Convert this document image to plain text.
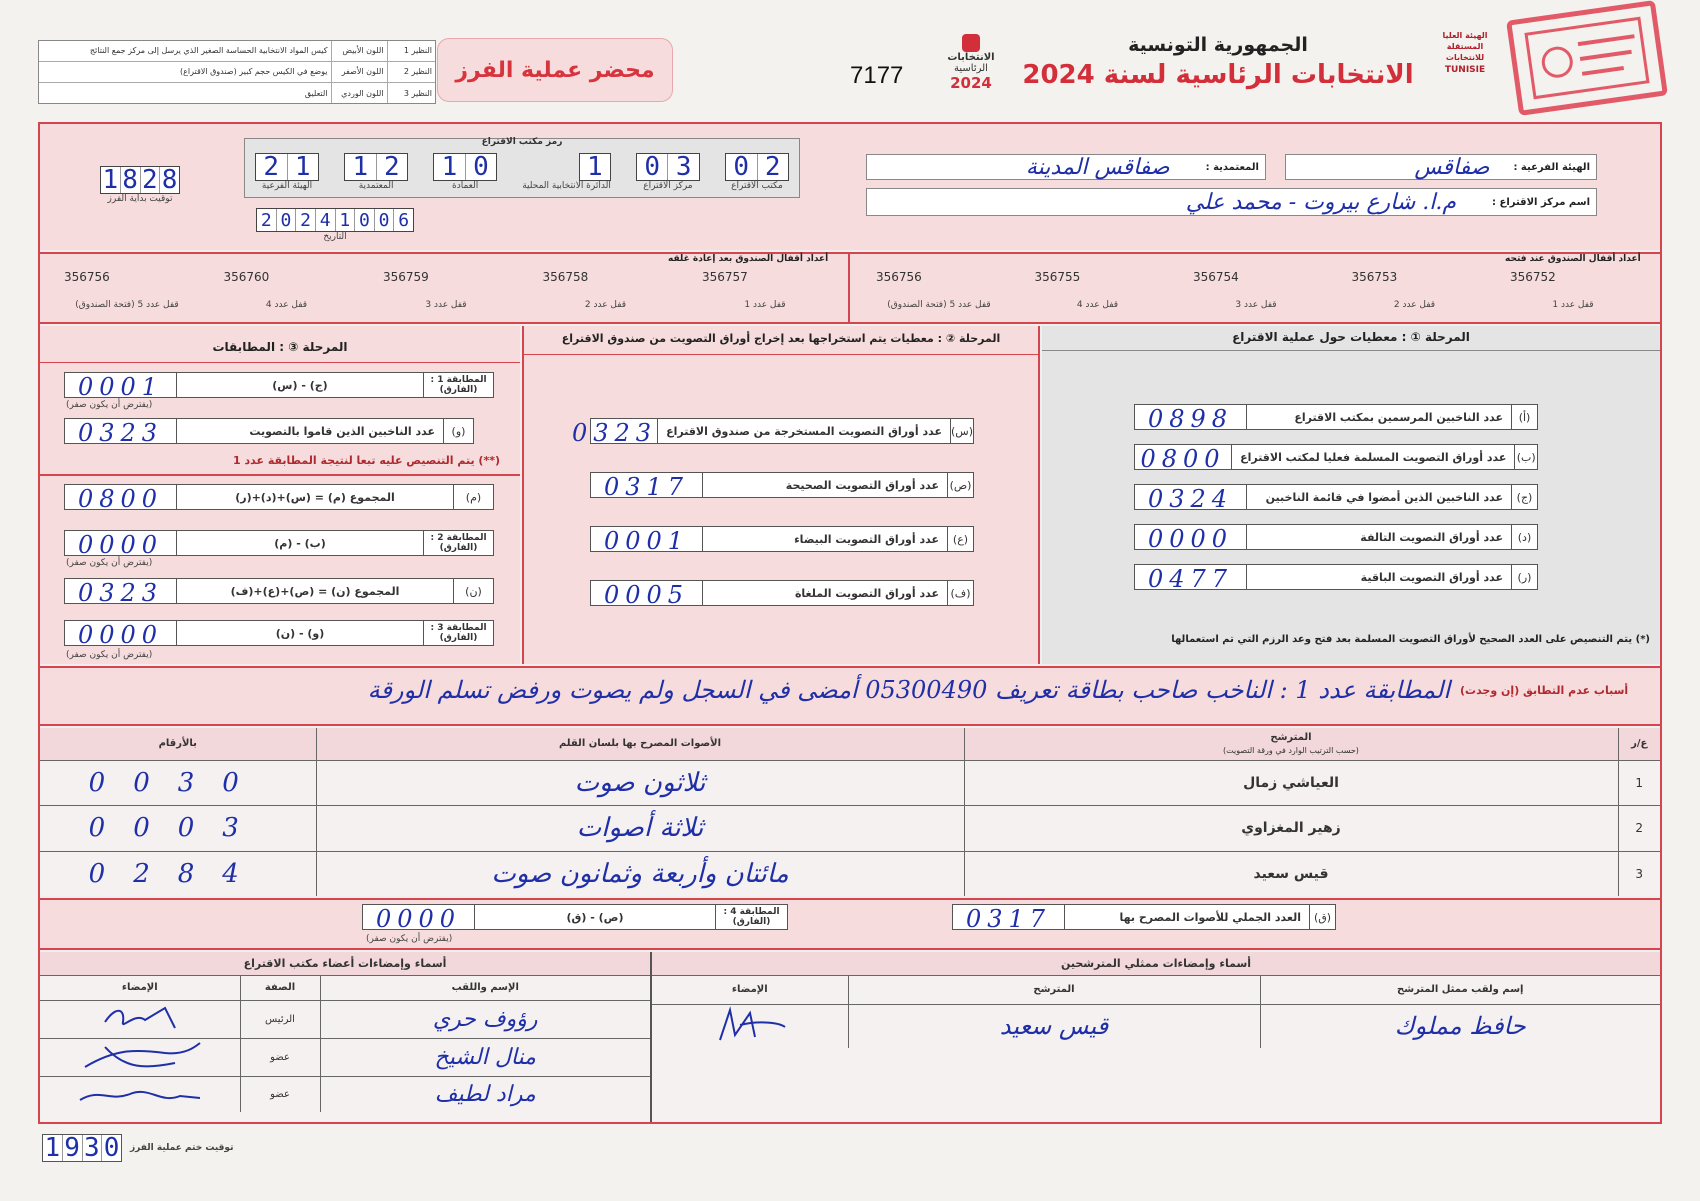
النظير 1	اللون الأبيض	كيس المواد الانتخابية الحساسة الصغير الذي يرسل إلى مركز جمع النتائج
النظير 2	اللون الأصفر	يوضع في الكيس حجم كبير (صندوق الاقتراع)
النظير 3	اللون الوردي	التعليق
محضر عملية الفرز	7177
الانتخابات
الرئاسية
2024
الجمهورية التونسية
الانتخابات الرئاسية لسنة 2024
الهيئة العليا المستقلة للانتخابات
TUNISIE
الهيئة الفرعية :
صفاقس
المعتمدية :
صفاقس المدينة
اسم مركز الاقتراع :
م.ا. شارع بيروت - محمد علي
رمز مكتب الاقتراع
0 2
مكتب الاقتراع
0 3
مركز الاقتراع
1
الدائرة الانتخابية المحلية
1 0
العمادة
1 2
المعتمدية
2 1
الهيئة الفرعية
1 8 2 8
توقيت بداية الفرز
2 0 2 4 1 0 0 6
التاريخ
أعداد أقفال الصندوق عند فتحه
أعداد أقفال الصندوق بعد إعادة غلقه
356752
قفل عدد 1
356753
قفل عدد 2
356754
قفل عدد 3
356755
قفل عدد 4
356756
قفل عدد 5 (فتحة الصندوق)
356757
قفل عدد 1
356758
قفل عدد 2
356759
قفل عدد 3
356760
قفل عدد 4
356756
قفل عدد 5 (فتحة الصندوق)
المرحلة ① : معطيات حول عملية الاقتراع
(أ)
عدد الناخبين المرسمين بمكتب الاقتراع
0898
(ب)
عدد أوراق التصويت المسلمة فعليا لمكتب الاقتراع
0800
(ج)
عدد الناخبين الذين أمضوا في قائمة الناخبين
0324
(د)
عدد أوراق التصويت التالفة
0000
(ر)
عدد أوراق التصويت الباقية
0477
(*) يتم التنصيص على العدد الصحيح لأوراق التصويت المسلمة بعد فتح وعد الرزم التي تم استعمالها
المرحلة ② : معطيات يتم استخراجها بعد إخراج أوراق التصويت من صندوق الاقتراع
(س)
عدد أوراق التصويت المستخرجة من صندوق الاقتراع
0323
(ص)
عدد أوراق التصويت الصحيحة
0317
(ع)
عدد أوراق التصويت البيضاء
0001
(ف)
عدد أوراق التصويت الملغاة
0005
المرحلة ③ : المطابقات
المطابقة 1 : (الفارق)
(ج) - (س)
0001
(يفترض أن يكون صفر)
(و)
عدد الناخبين الذين قاموا بالتصويت
0323
(**) يتم التنصيص عليه تبعا لنتيجة المطابقة عدد 1
(م)
المجموع (م) = (س)+(د)+(ر)
0800
المطابقة 2 : (الفارق)
(ب) - (م)
0000
(يفترض أن يكون صفر)
(ن)
المجموع (ن) = (ص)+(ع)+(ف)
0323
المطابقة 3 : (الفارق)
(و) - (ن)
0000
(يفترض أن يكون صفر)
أسباب عدم التطابق (إن وجدت)
المطابقة عدد 1 : الناخب صاحب بطاقة تعريف 05300490 أمضى في السجل ولم يصوت ورفض تسلم الورقة
ع/ر	المترشح
(حسب الترتيب الوارد في ورقة التصويت)	الأصوات المصرح بها بلسان القلم	بالأرقام
1	العياشي زمال	ثلاثون صوت	0030
2	زهير المغزاوي	ثلاثة أصوات	0003
3	قيس سعيد	مائتان وأربعة وثمانون صوت	0284
(ق)
العدد الجملي للأصوات المصرح بها
0317
المطابقة 4 : (الفارق)
(ص) - (ق)
0000
(يفترض أن يكون صفر)
أسماء وإمضاءات ممثلي المترشحين
إسم ولقب ممثل المترشح	المترشح	الإمضاء
حافظ مملوك	قيس سعيد	
أسماء وإمضاءات أعضاء مكتب الاقتراع
الإسم واللقب	الصفة	الإمضاء
رؤوف حري	الرئيس	
منال الشيخ	عضو	
مراد لطيف	عضو	
1 9 3 0 توقيت ختم عملية الفرز
